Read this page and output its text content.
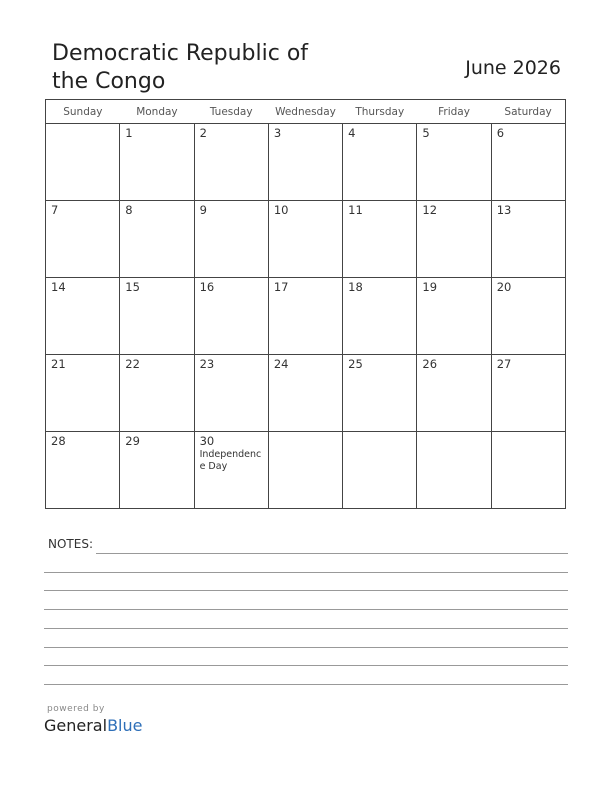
Democratic Republic of
the Congo
June 2026
Sunday	Monday	Tuesday	Wednesday	Thursday	Friday	Saturday

	1	2	3	4	5	6

7	8	9	10	11	12	13

14	15	16	17	18	19	20

21	22	23	24	25	26	27

28	29	30
Independence Day				

NOTES:
powered by
GeneralBlue
